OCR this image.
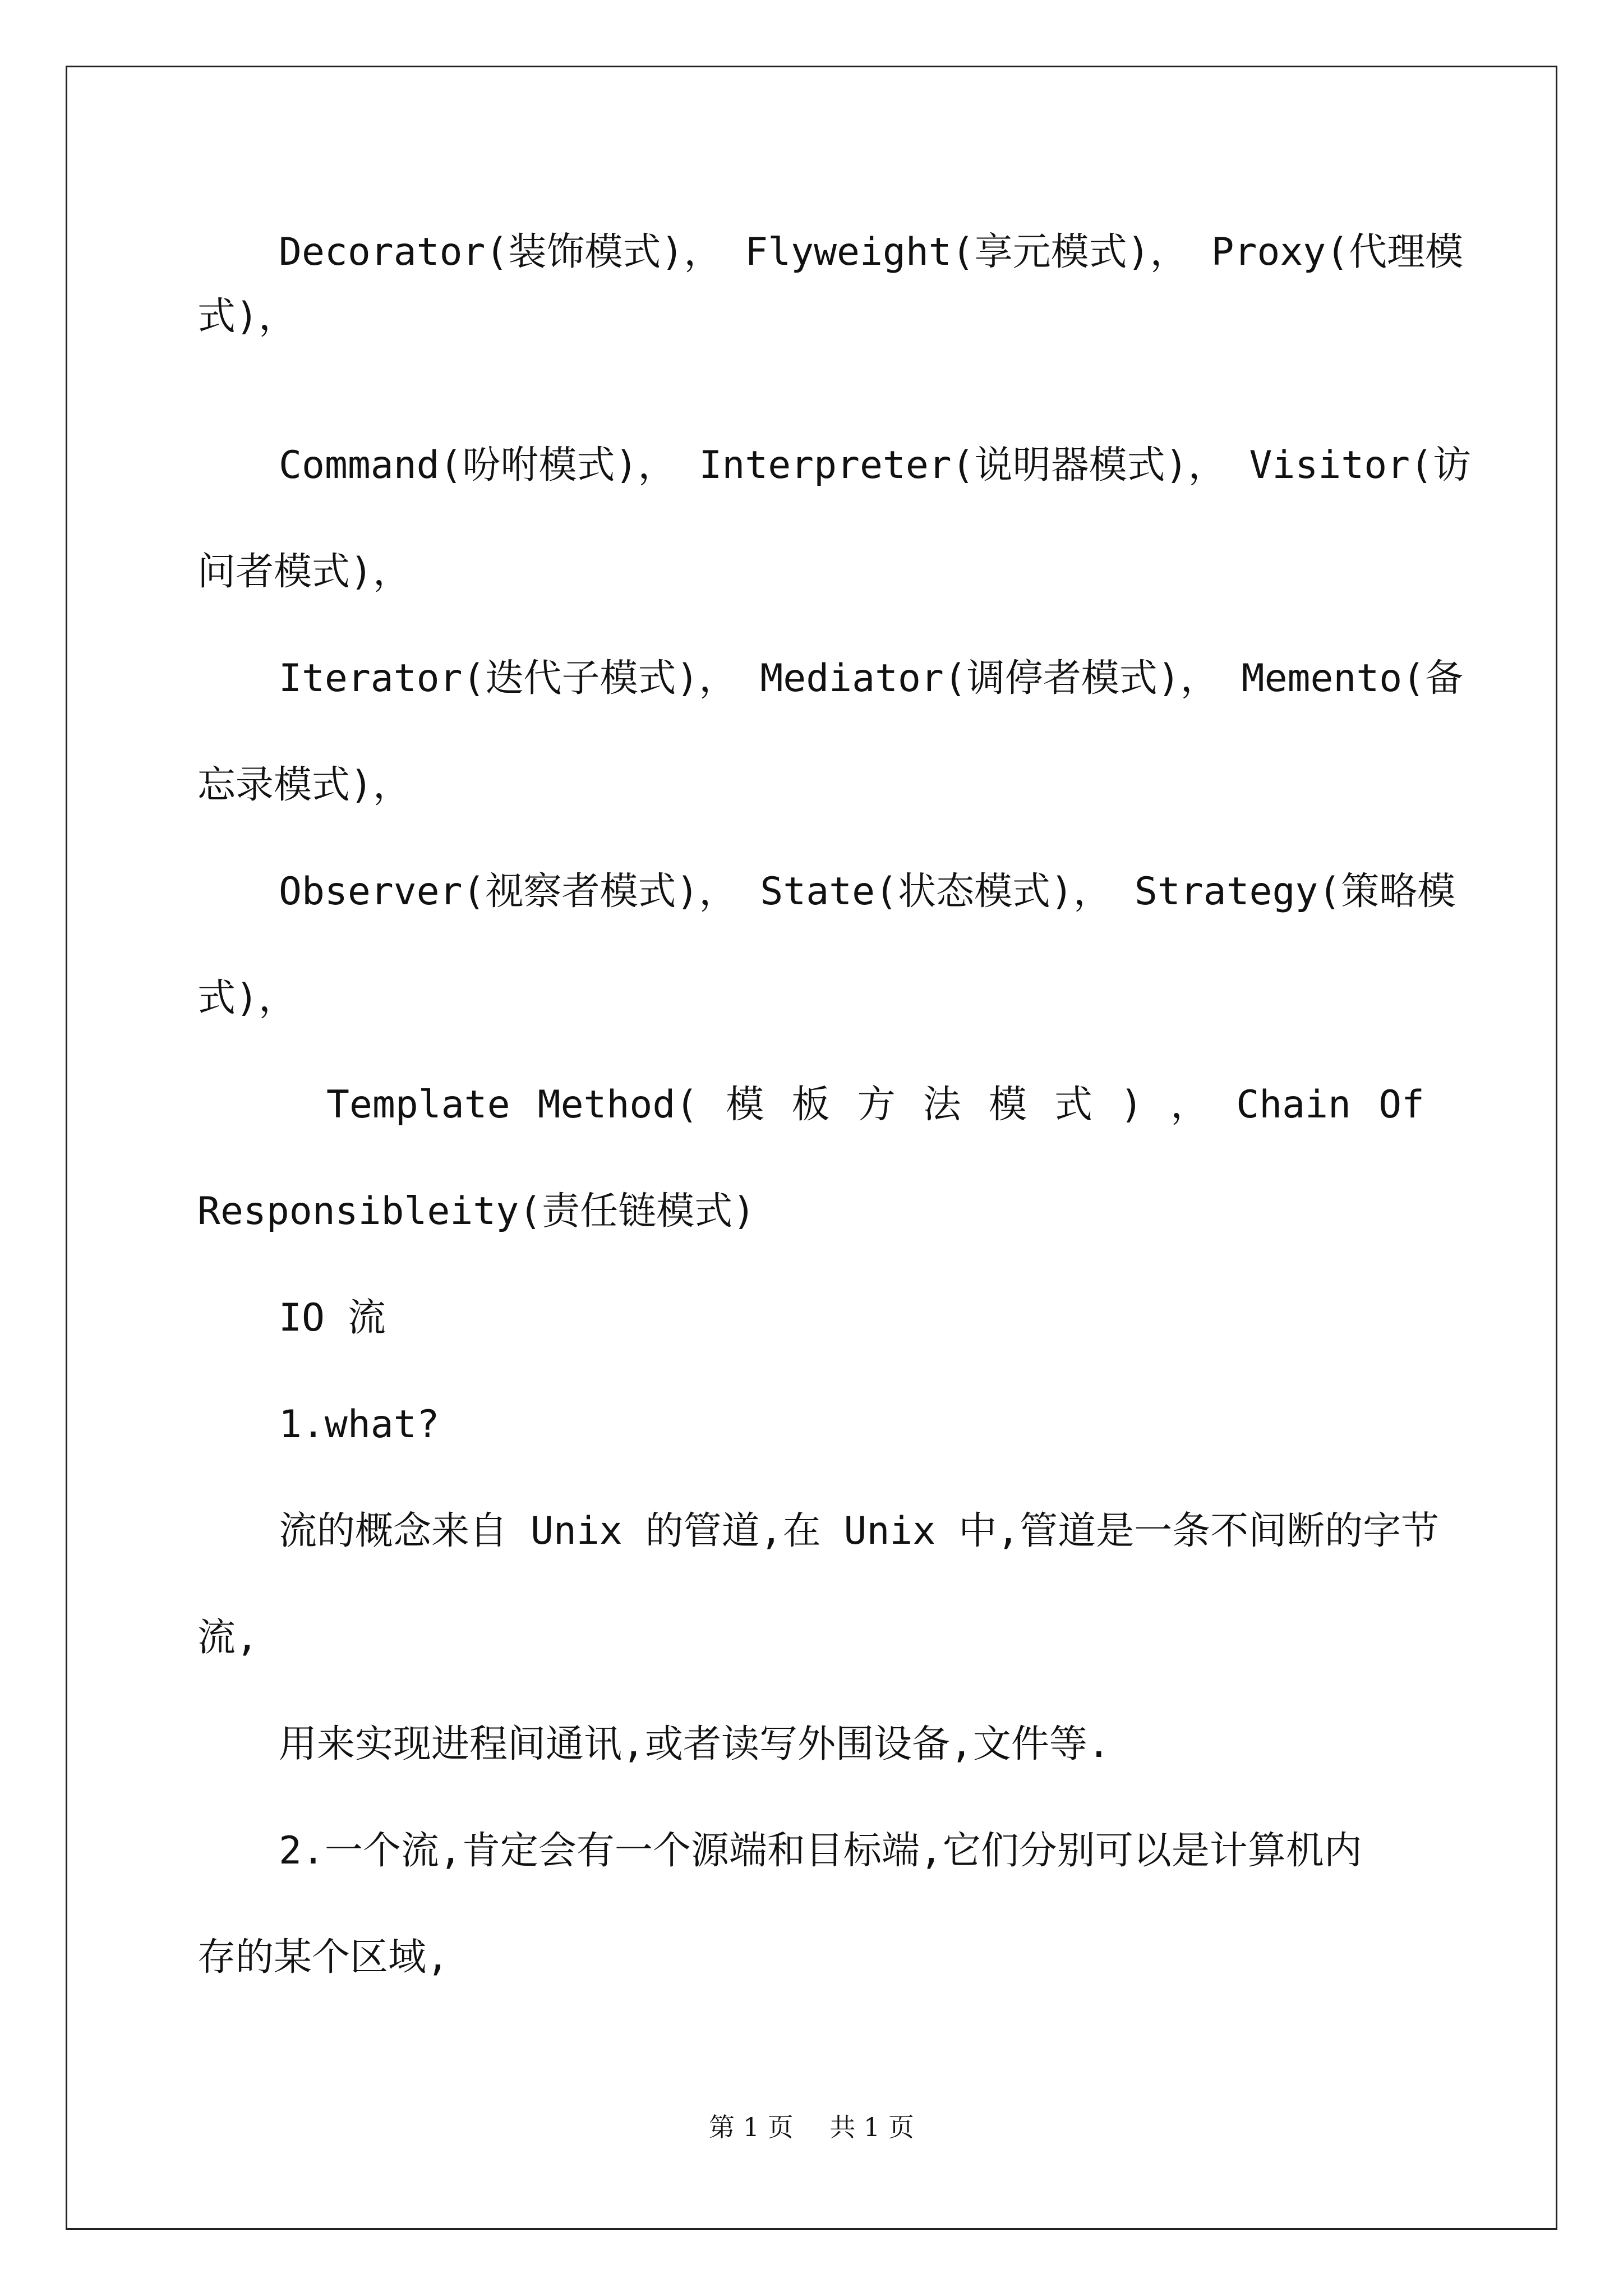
Decorator(装饰模式)， Flyweight(享元模式)， Proxy(代理模
式)，
Command(吩咐模式)， Interpreter(说明器模式)， Visitor(访
问者模式)，
Iterator(迭代子模式)， Mediator(调停者模式)， Memento(备
忘录模式)，
Observer(视察者模式)， State(状态模式)， Strategy(策略模
式)，
Template Method( 模 板 方 法 模 式 ) ， Chain Of
Responsibleity(责任链模式)
IO 流
1.what?
流的概念来自 Unix 的管道,在 Unix 中,管道是一条不间断的字节
流,
用来实现进程间通讯,或者读写外围设备,文件等.
2.一个流,肯定会有一个源端和目标端,它们分别可以是计算机内
存的某个区域,
第 1 页 共 1 页
